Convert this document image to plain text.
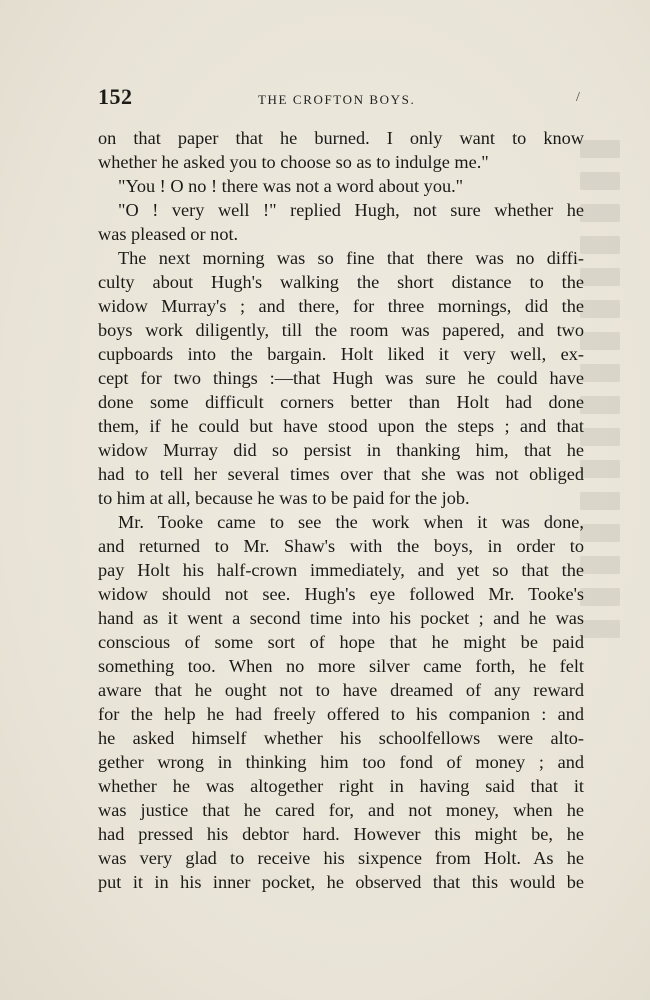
152	THE CROFTON BOYS.	/
on that paper that he burned. I only want to know
whether he asked you to choose so as to indulge me."
"You ! O no ! there was not a word about you."
"O ! very well !" replied Hugh, not sure whether he
was pleased or not.
The next morning was so fine that there was no diffi-
culty about Hugh's walking the short distance to the
widow Murray's ; and there, for three mornings, did the
boys work diligently, till the room was papered, and two
cupboards into the bargain. Holt liked it very well, ex-
cept for two things :—that Hugh was sure he could have
done some difficult corners better than Holt had done
them, if he could but have stood upon the steps ; and that
widow Murray did so persist in thanking him, that he
had to tell her several times over that she was not obliged
to him at all, because he was to be paid for the job.
Mr. Tooke came to see the work when it was done,
and returned to Mr. Shaw's with the boys, in order to
pay Holt his half-crown immediately, and yet so that the
widow should not see. Hugh's eye followed Mr. Tooke's
hand as it went a second time into his pocket ; and he was
conscious of some sort of hope that he might be paid
something too. When no more silver came forth, he felt
aware that he ought not to have dreamed of any reward
for the help he had freely offered to his companion : and
he asked himself whether his schoolfellows were alto-
gether wrong in thinking him too fond of money ; and
whether he was altogether right in having said that it
was justice that he cared for, and not money, when he
had pressed his debtor hard. However this might be, he
was very glad to receive his sixpence from Holt. As he
put it in his inner pocket, he observed that this would be
